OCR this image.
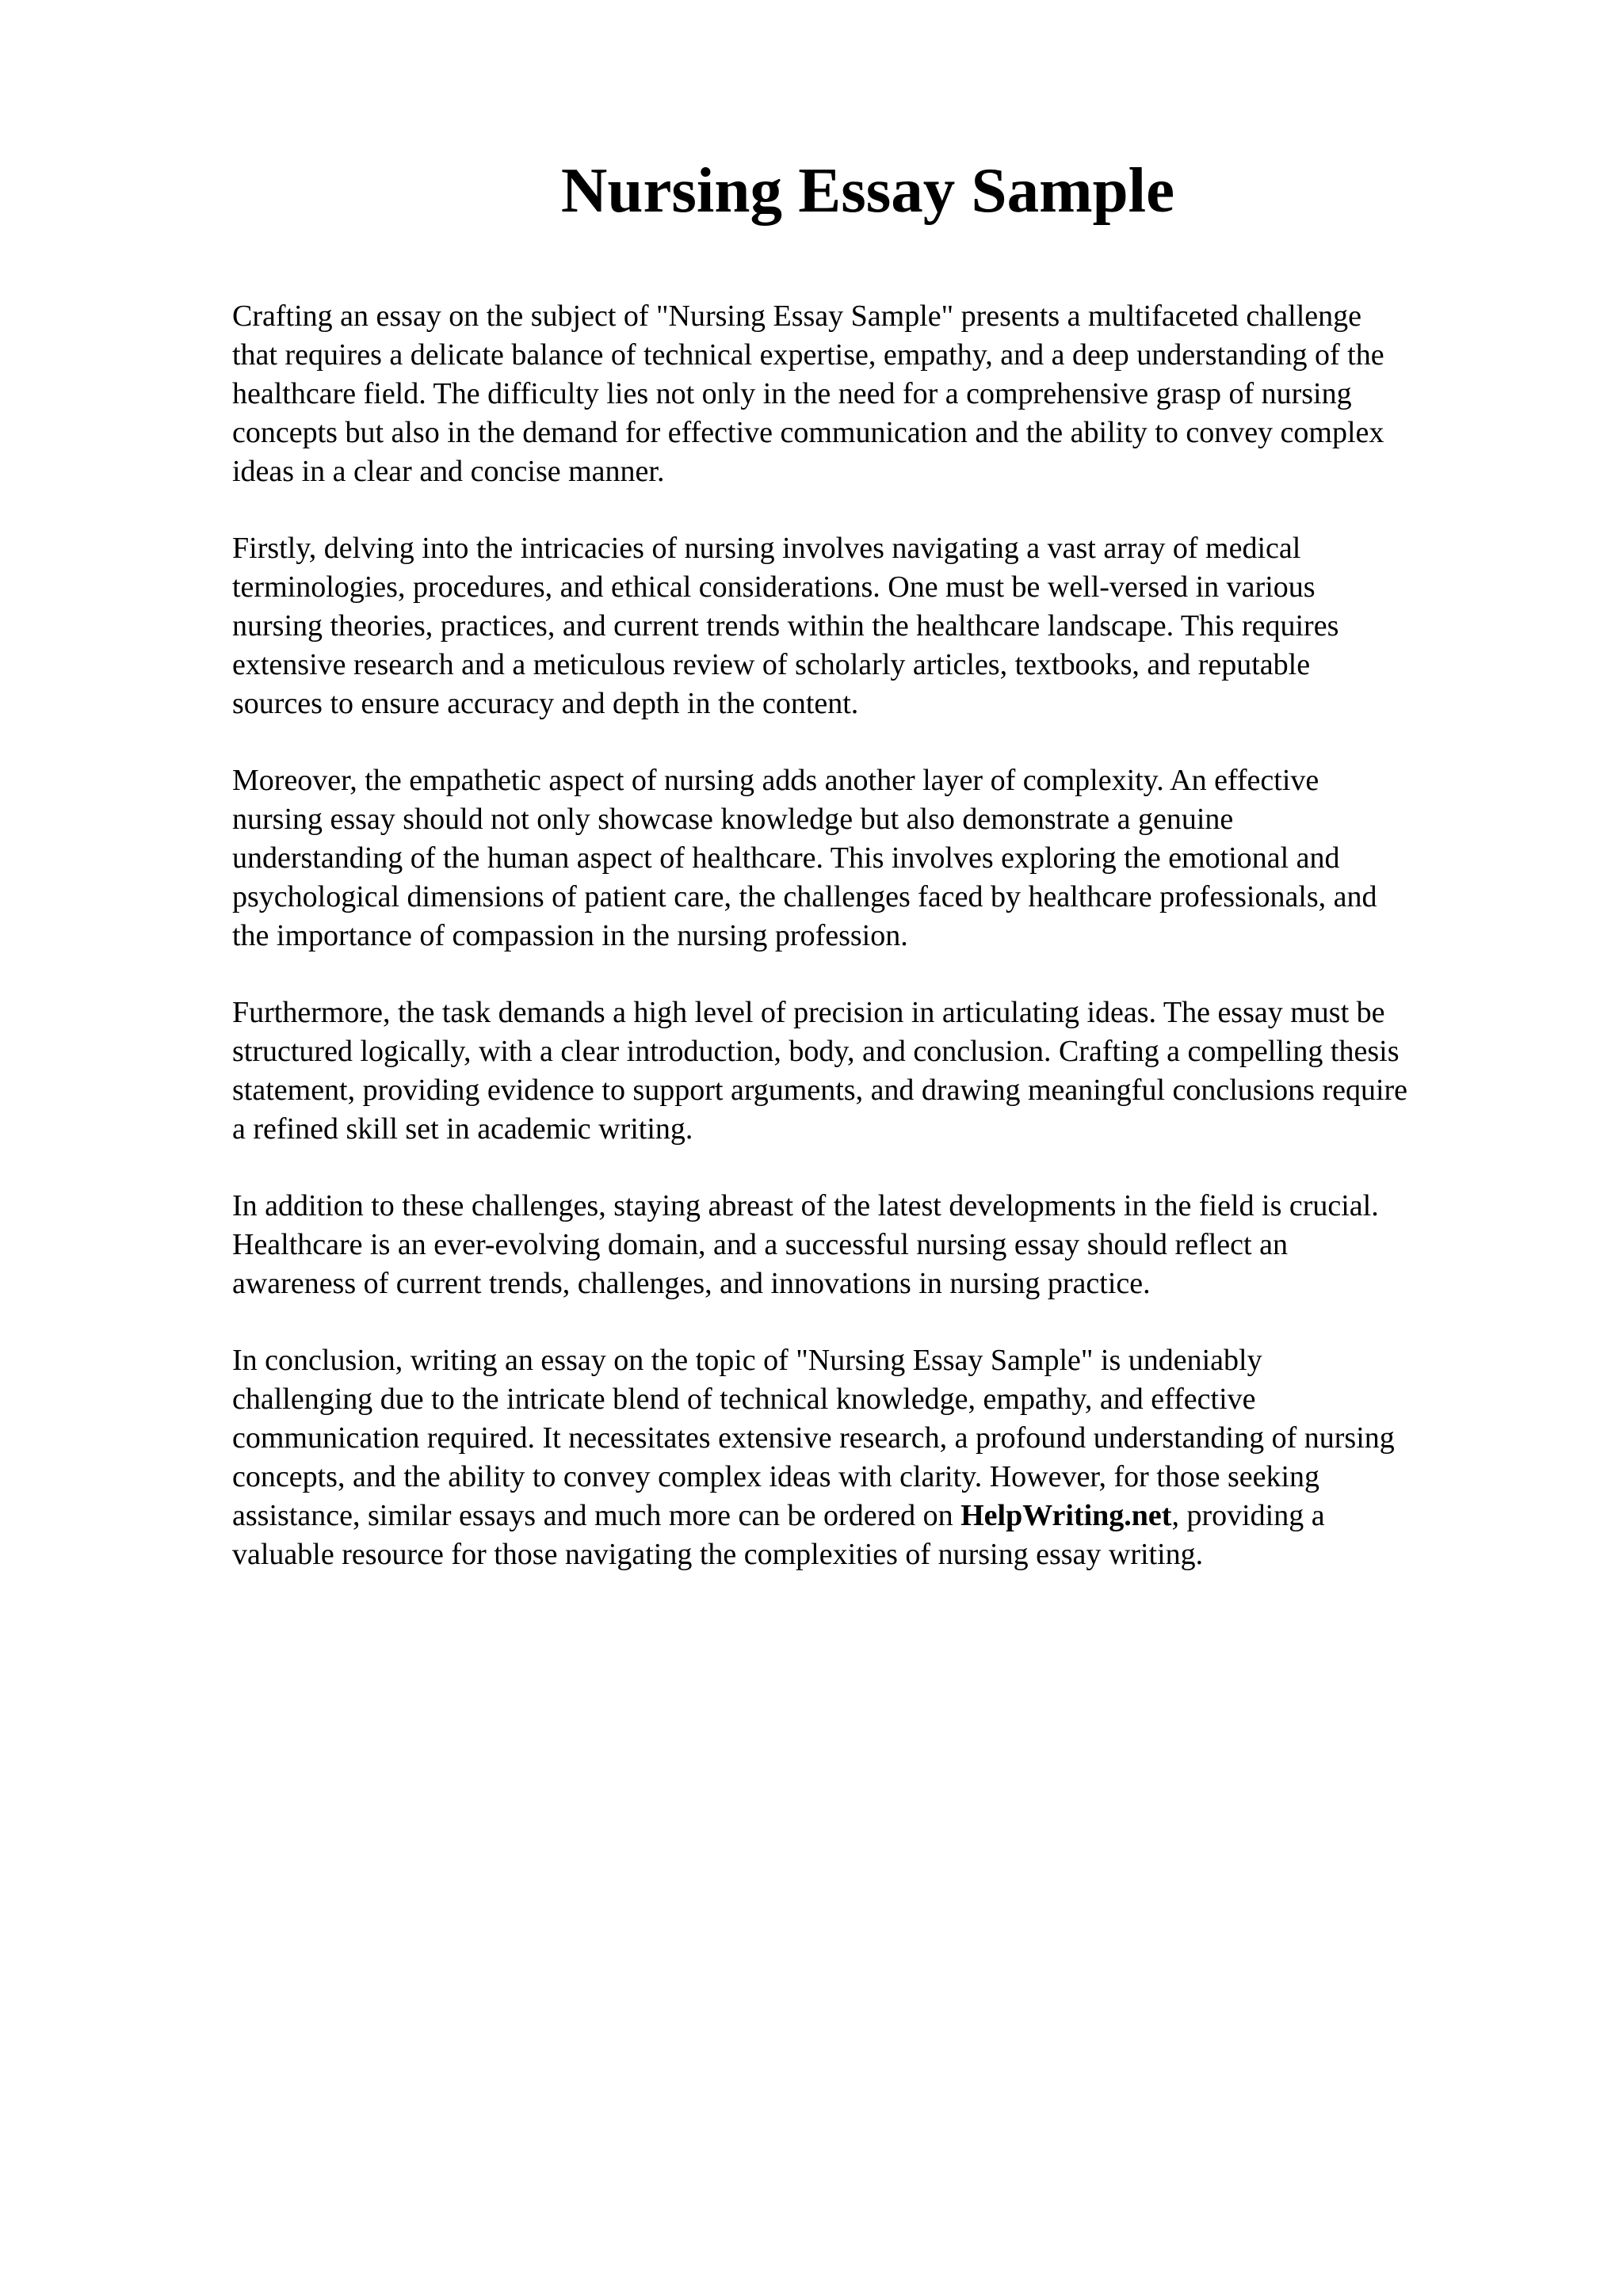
Nursing Essay Sample

Crafting an essay on the subject of "Nursing Essay Sample" presents a multifaceted challenge
that requires a delicate balance of technical expertise, empathy, and a deep understanding of the
healthcare field. The difficulty lies not only in the need for a comprehensive grasp of nursing
concepts but also in the demand for effective communication and the ability to convey complex
ideas in a clear and concise manner.

Firstly, delving into the intricacies of nursing involves navigating a vast array of medical
terminologies, procedures, and ethical considerations. One must be well-versed in various
nursing theories, practices, and current trends within the healthcare landscape. This requires
extensive research and a meticulous review of scholarly articles, textbooks, and reputable
sources to ensure accuracy and depth in the content.

Moreover, the empathetic aspect of nursing adds another layer of complexity. An effective
nursing essay should not only showcase knowledge but also demonstrate a genuine
understanding of the human aspect of healthcare. This involves exploring the emotional and
psychological dimensions of patient care, the challenges faced by healthcare professionals, and
the importance of compassion in the nursing profession.

Furthermore, the task demands a high level of precision in articulating ideas. The essay must be
structured logically, with a clear introduction, body, and conclusion. Crafting a compelling thesis
statement, providing evidence to support arguments, and drawing meaningful conclusions require
a refined skill set in academic writing.

In addition to these challenges, staying abreast of the latest developments in the field is crucial.
Healthcare is an ever-evolving domain, and a successful nursing essay should reflect an
awareness of current trends, challenges, and innovations in nursing practice.

In conclusion, writing an essay on the topic of "Nursing Essay Sample" is undeniably
challenging due to the intricate blend of technical knowledge, empathy, and effective
communication required. It necessitates extensive research, a profound understanding of nursing
concepts, and the ability to convey complex ideas with clarity. However, for those seeking
assistance, similar essays and much more can be ordered on HelpWriting.net, providing a
valuable resource for those navigating the complexities of nursing essay writing.
